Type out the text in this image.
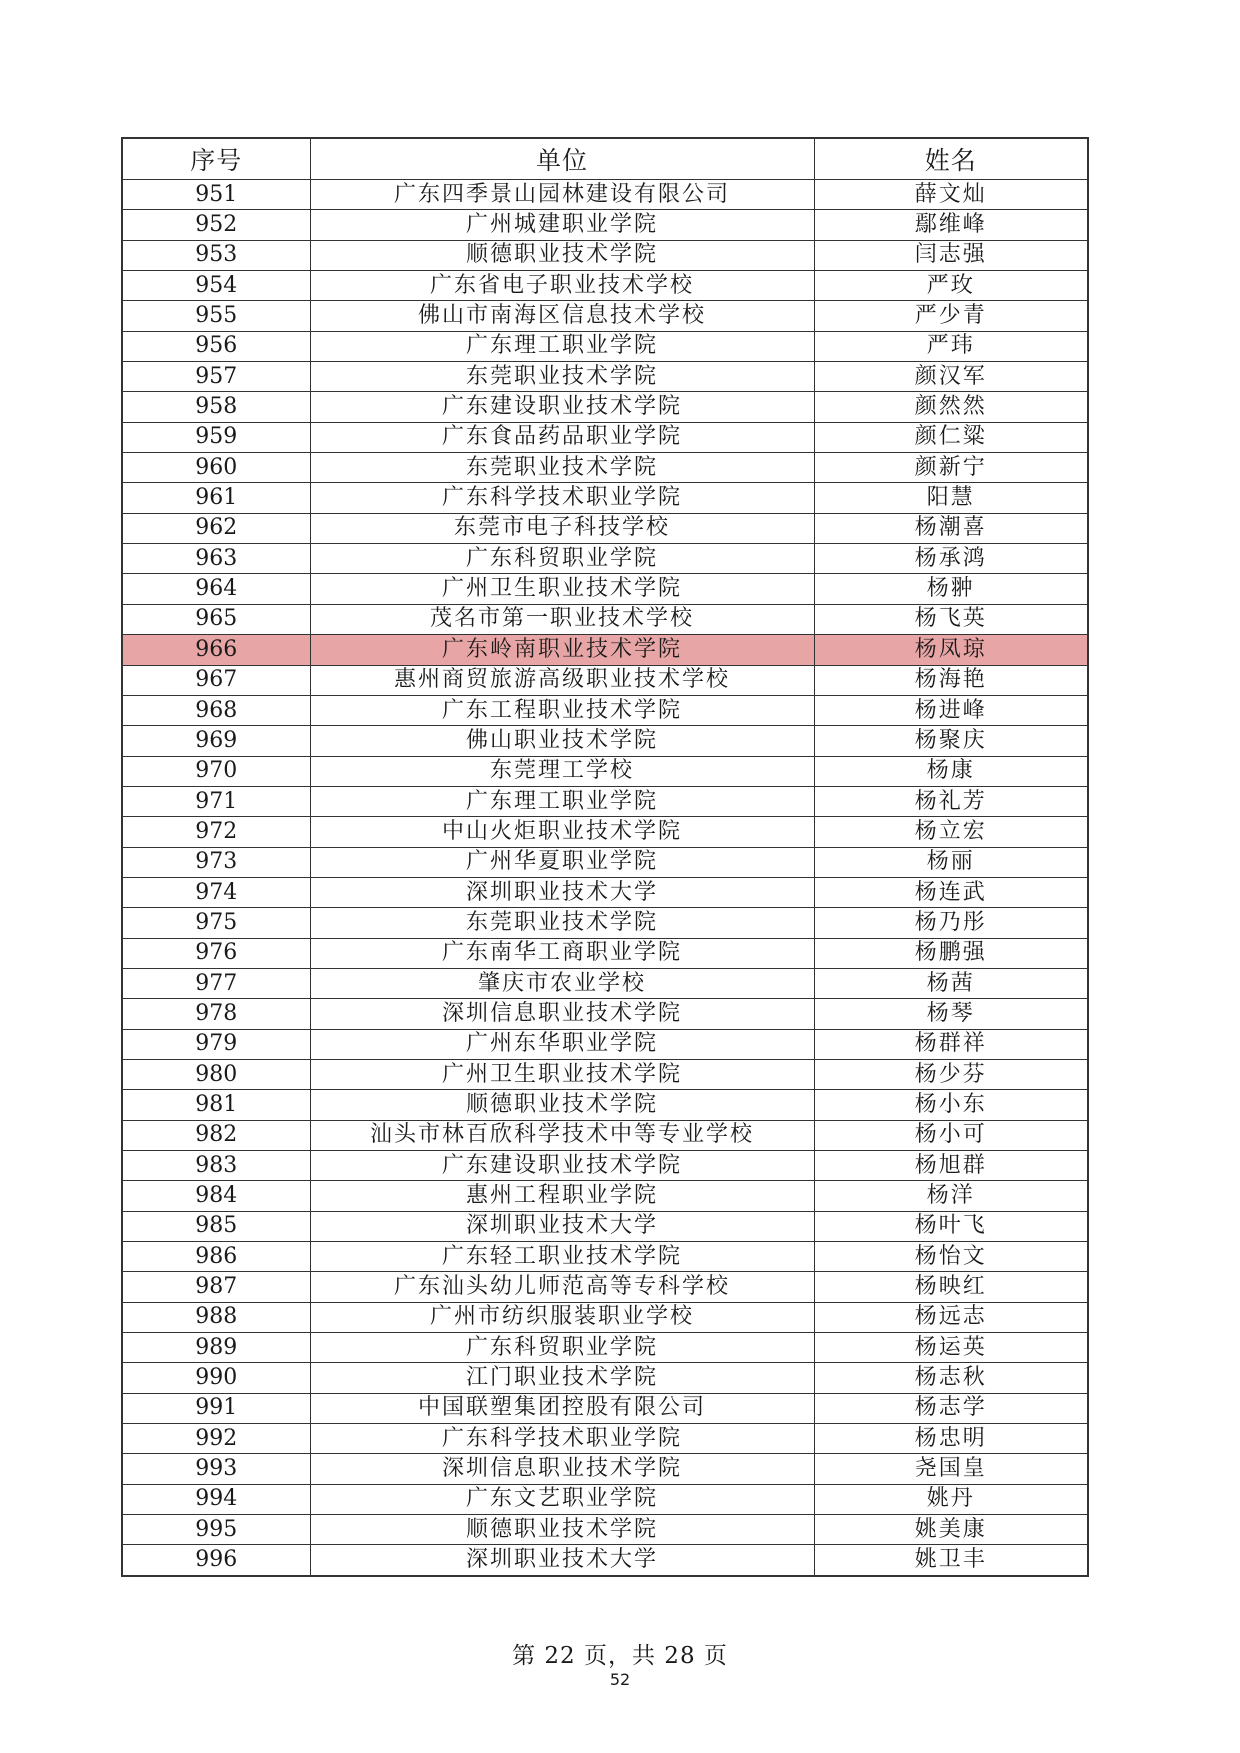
序号	单位	姓名
951	广东四季景山园林建设有限公司	薛文灿
952	广州城建职业学院	鄢维峰
953	顺德职业技术学院	闫志强
954	广东省电子职业技术学校	严玫
955	佛山市南海区信息技术学校	严少青
956	广东理工职业学院	严玮
957	东莞职业技术学院	颜汉军
958	广东建设职业技术学院	颜然然
959	广东食品药品职业学院	颜仁粱
960	东莞职业技术学院	颜新宁
961	广东科学技术职业学院	阳慧
962	东莞市电子科技学校	杨潮喜
963	广东科贸职业学院	杨承鸿
964	广州卫生职业技术学院	杨翀
965	茂名市第一职业技术学校	杨飞英
966	广东岭南职业技术学院	杨凤琼
967	惠州商贸旅游高级职业技术学校	杨海艳
968	广东工程职业技术学院	杨进峰
969	佛山职业技术学院	杨聚庆
970	东莞理工学校	杨康
971	广东理工职业学院	杨礼芳
972	中山火炬职业技术学院	杨立宏
973	广州华夏职业学院	杨丽
974	深圳职业技术大学	杨连武
975	东莞职业技术学院	杨乃彤
976	广东南华工商职业学院	杨鹏强
977	肇庆市农业学校	杨茜
978	深圳信息职业技术学院	杨琴
979	广州东华职业学院	杨群祥
980	广州卫生职业技术学院	杨少芬
981	顺德职业技术学院	杨小东
982	汕头市林百欣科学技术中等专业学校	杨小可
983	广东建设职业技术学院	杨旭群
984	惠州工程职业学院	杨洋
985	深圳职业技术大学	杨叶飞
986	广东轻工职业技术学院	杨怡文
987	广东汕头幼儿师范高等专科学校	杨映红
988	广州市纺织服装职业学校	杨远志
989	广东科贸职业学院	杨运英
990	江门职业技术学院	杨志秋
991	中国联塑集团控股有限公司	杨志学
992	广东科学技术职业学院	杨忠明
993	深圳信息职业技术学院	尧国皇
994	广东文艺职业学院	姚丹
995	顺德职业技术学院	姚美康
996	深圳职业技术大学	姚卫丰
第 22 页，共 28 页
52
